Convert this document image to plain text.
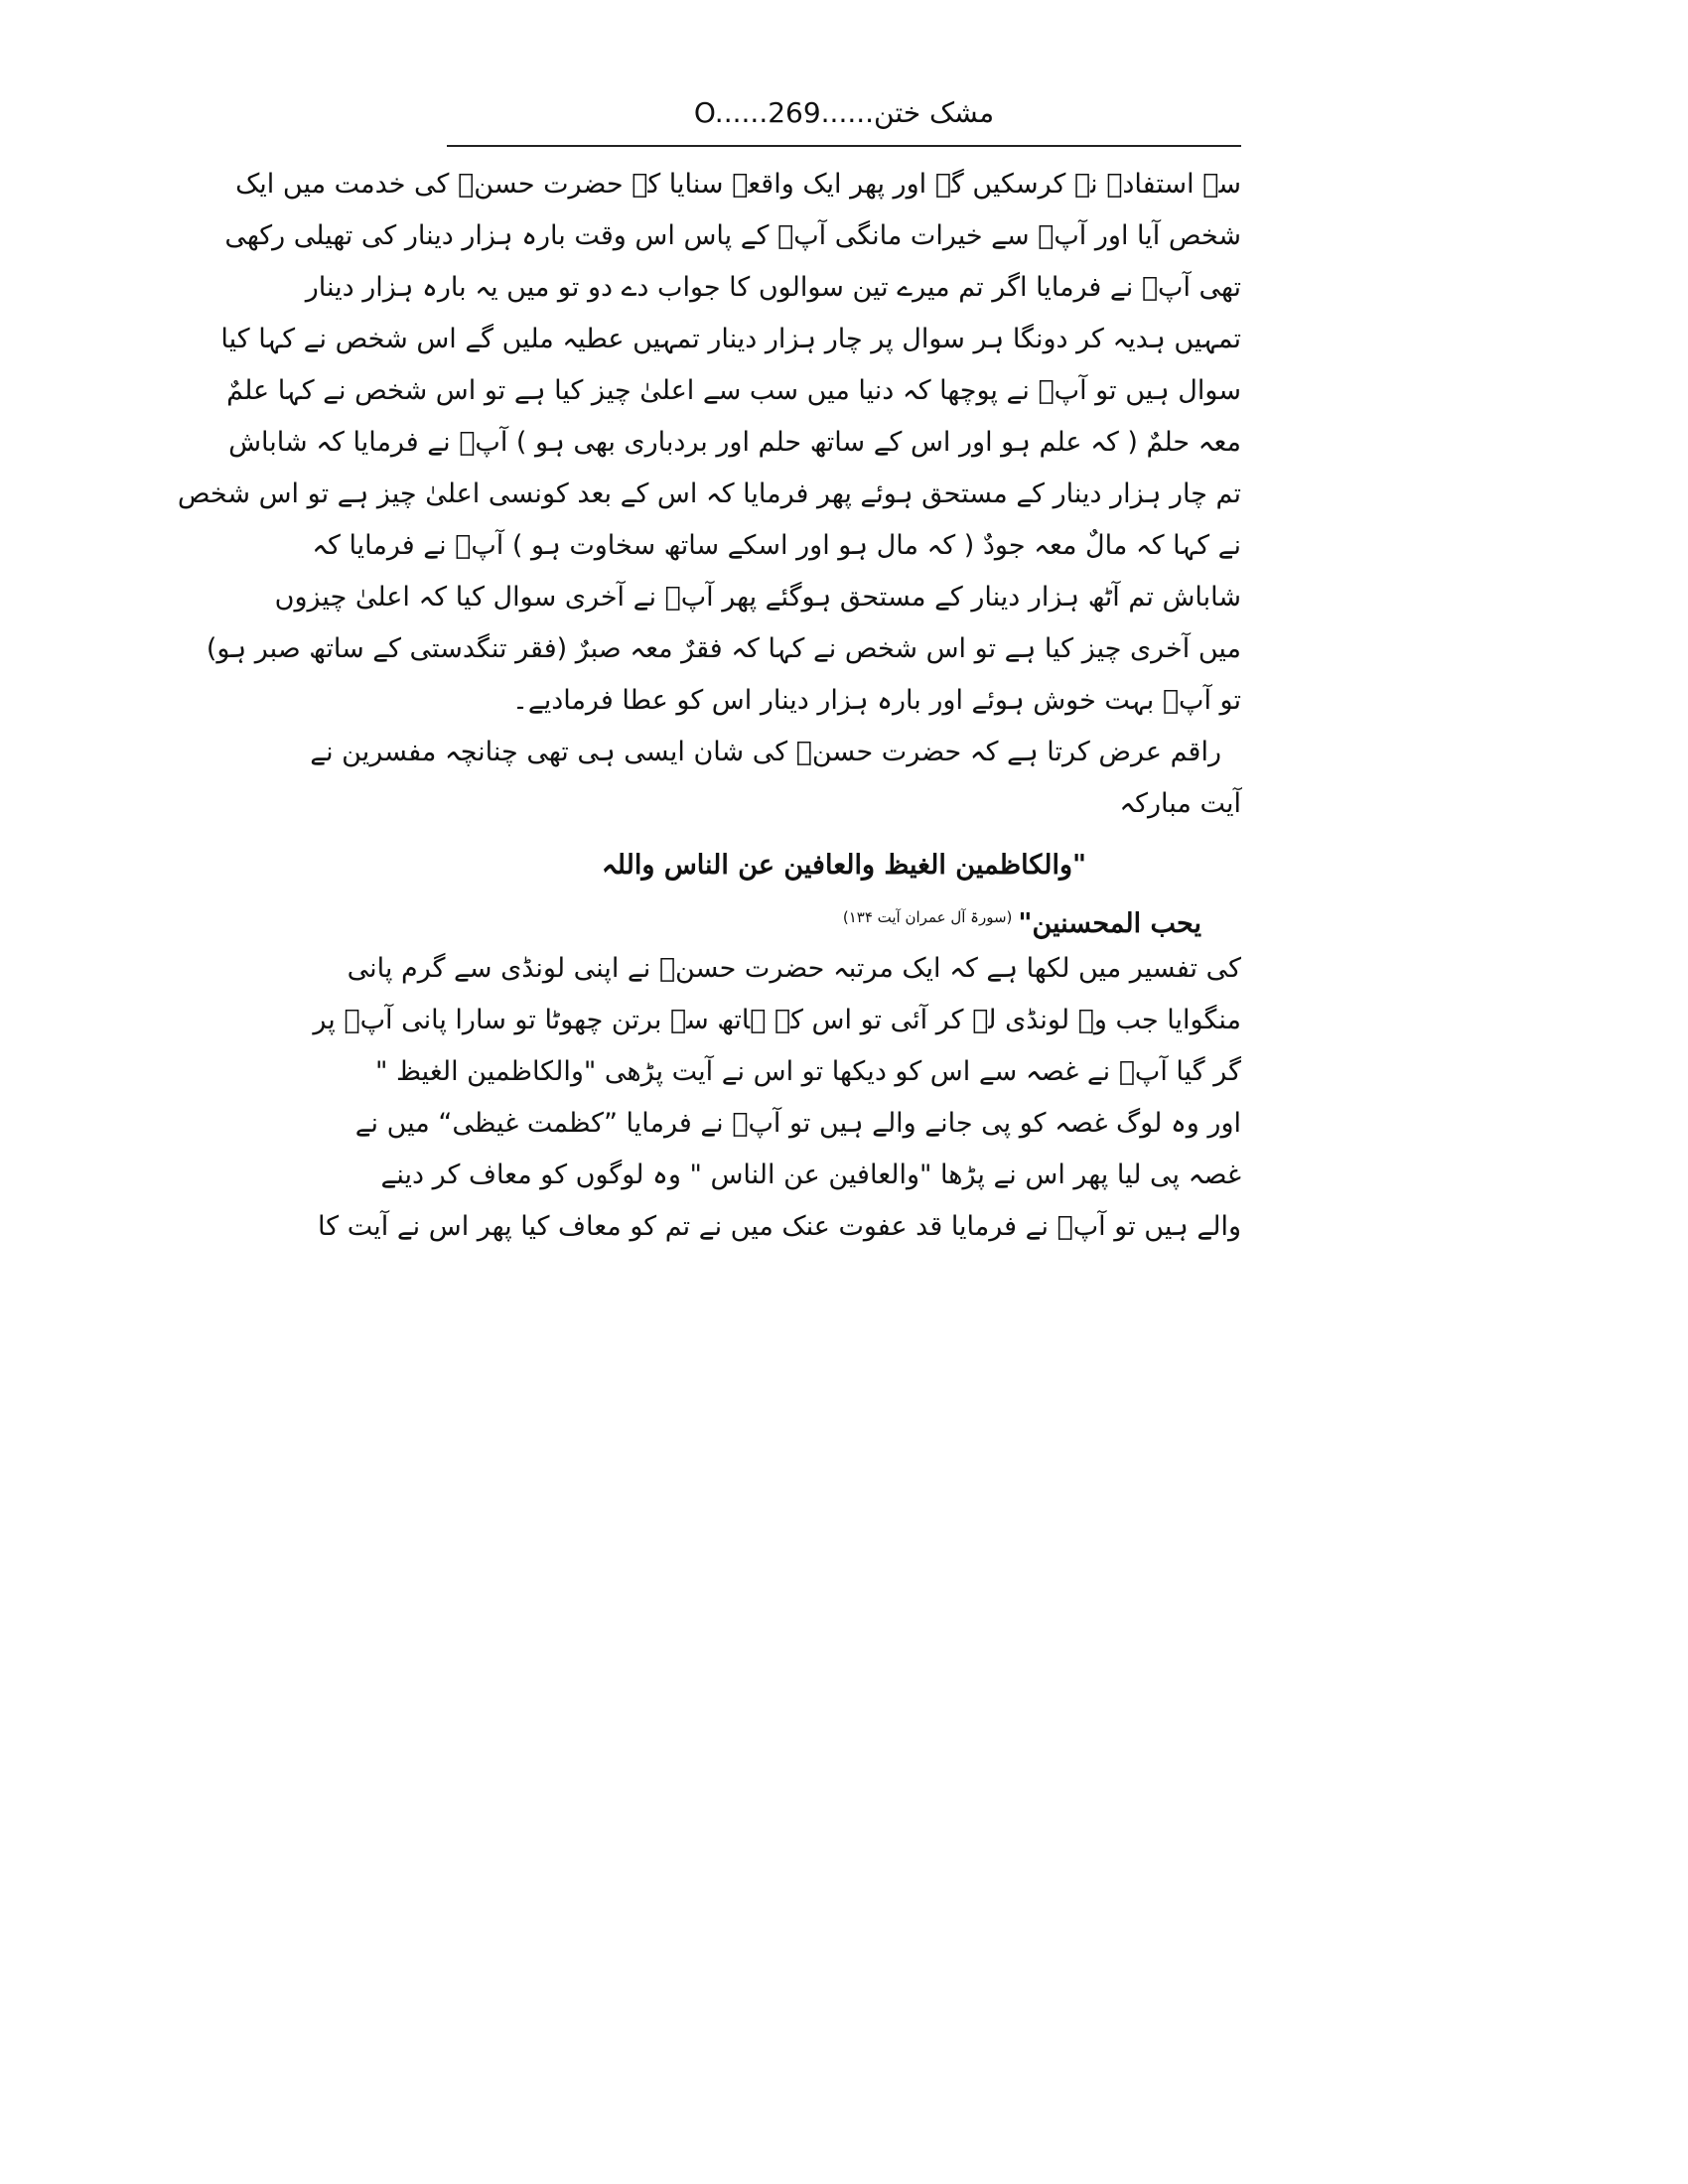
مشک ختن......O......269
سے استفادہ نہ کرسکیں گے اور پھر ایک واقعہ سنایا کہ حضرت حسنؓ کی خدمت میں ایک
شخص آیا اور آپؓ سے خیرات مانگی آپؓ کے پاس اس وقت بارہ ہزار دینار کی تھیلی رکھی
تھی آپؓ نے فرمایا اگر تم میرے تین سوالوں کا جواب دے دو تو میں یہ بارہ ہزار دینار
تمہیں ہدیہ کر دونگا ہر سوال پر چار ہزار دینار تمہیں عطیہ ملیں گے اس شخص نے کہا کیا
سوال ہیں تو آپؓ نے پوچھا کہ دنیا میں سب سے اعلیٰ چیز کیا ہے تو اس شخص نے کہا علمٌ
معہ حلمٌ ( کہ علم ہو اور اس کے ساتھ حلم اور بردباری بھی ہو ) آپؓ نے فرمایا کہ شاباش
تم چار ہزار دینار کے مستحق ہوئے پھر فرمایا کہ اس کے بعد کونسی اعلیٰ چیز ہے تو اس شخص
نے کہا کہ مالٌ معہ جودٌ ( کہ مال ہو اور اسکے ساتھ سخاوت ہو ) آپؓ نے فرمایا کہ
شاباش تم آٹھ ہزار دینار کے مستحق ہوگئے پھر آپؓ نے آخری سوال کیا کہ اعلیٰ چیزوں
میں آخری چیز کیا ہے تو اس شخص نے کہا کہ فقرٌ معہ صبرٌ (فقر تنگدستی کے ساتھ صبر ہو)
تو آپؓ بہت خوش ہوئے اور بارہ ہزار دینار اس کو عطا فرمادیے۔
راقم عرض کرتا ہے کہ حضرت حسنؓ کی شان ایسی ہی تھی چنانچہ مفسرین نے
آیت مبارکہ
"والکاظمین الغیظ والعافین عن الناس واللہ
یحب المحسنین"$^{(سورۃ آل عمران آیت ۱۳۴)}$
کی تفسیر میں لکھا ہے کہ ایک مرتبہ حضرت حسنؓ نے اپنی لونڈی سے گرم پانی
منگوایا جب وہ لونڈی لے کر آئی تو اس کے ہاتھ سے برتن چھوٹا تو سارا پانی آپؓ پر
گر گیا آپؓ نے غصہ سے اس کو دیکھا تو اس نے آیت پڑھی "والکاظمین الغیظ "
اور وہ لوگ غصہ کو پی جانے والے ہیں تو آپؓ نے فرمایا ”کظمت غیظی“ میں نے
غصہ پی لیا پھر اس نے پڑھا "والعافین عن الناس " وہ لوگوں کو معاف کر دینے
والے ہیں تو آپؓ نے فرمایا قد عفوت عنک میں نے تم کو معاف کیا پھر اس نے آیت کا
